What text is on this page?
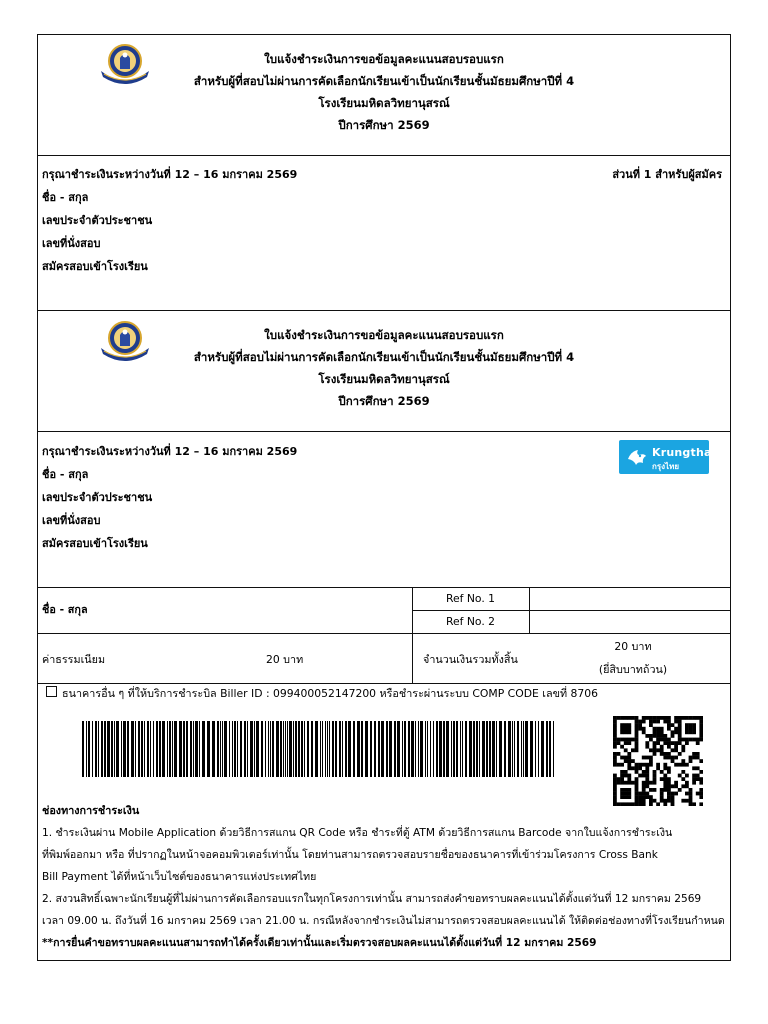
ใบแจ้งชำระเงินการขอข้อมูลคะแนนสอบรอบแรก
สำหรับผู้ที่สอบไม่ผ่านการคัดเลือกนักเรียนเข้าเป็นนักเรียนชั้นมัธยมศึกษาปีที่ 4
โรงเรียนมหิดลวิทยานุสรณ์
ปีการศึกษา 2569
กรุณาชำระเงินระหว่างวันที่ 12 – 16 มกราคม 2569	ส่วนที่ 1 สำหรับผู้สมัคร
ชื่อ - สกุล
เลขประจำตัวประชาชน
เลขที่นั่งสอบ
สมัครสอบเข้าโรงเรียน
ใบแจ้งชำระเงินการขอข้อมูลคะแนนสอบรอบแรก
สำหรับผู้ที่สอบไม่ผ่านการคัดเลือกนักเรียนเข้าเป็นนักเรียนชั้นมัธยมศึกษาปีที่ 4
โรงเรียนมหิดลวิทยานุสรณ์
ปีการศึกษา 2569
กรุณาชำระเงินระหว่างวันที่ 12 – 16 มกราคม 2569
ชื่อ - สกุล
เลขประจำตัวประชาชน
เลขที่นั่งสอบ
สมัครสอบเข้าโรงเรียน
Krungthai
กรุงไทย
ชื่อ - สกุล
Ref No. 1
Ref No. 2
ค่าธรรมเนียม	20 บาท	จำนวนเงินรวมทั้งสิ้น
20 บาท
(ยี่สิบบาทถ้วน)
ธนาคารอื่น ๆ ที่ให้บริการชำระบิล Biller ID : 099400052147200 หรือชำระผ่านระบบ COMP CODE เลขที่ 8706
ช่องทางการชำระเงิน
1. ชำระเงินผ่าน Mobile Application ด้วยวิธีการสแกน QR Code หรือ ชำระที่ตู้ ATM ด้วยวิธีการสแกน Barcode จากใบแจ้งการชำระเงิน
ที่พิมพ์ออกมา หรือ ที่ปรากฏในหน้าจอคอมพิวเตอร์เท่านั้น โดยท่านสามารถตรวจสอบรายชื่อของธนาคารที่เข้าร่วมโครงการ Cross Bank
Bill Payment ได้ที่หน้าเว็บไซต์ของธนาคารแห่งประเทศไทย
2. สงวนสิทธิ์เฉพาะนักเรียนผู้ที่ไม่ผ่านการคัดเลือกรอบแรกในทุกโครงการเท่านั้น สามารถส่งคำขอทราบผลคะแนนได้ตั้งแต่วันที่ 12 มกราคม 2569
เวลา 09.00 น. ถึงวันที่ 16 มกราคม 2569 เวลา 21.00 น. กรณีหลังจากชำระเงินไม่สามารถตรวจสอบผลคะแนนได้ ให้ติดต่อช่องทางที่โรงเรียนกำหนด
**การยื่นคำขอทราบผลคะแนนสามารถทำได้ครั้งเดียวเท่านั้นและเริ่มตรวจสอบผลคะแนนได้ตั้งแต่วันที่ 12 มกราคม 2569
